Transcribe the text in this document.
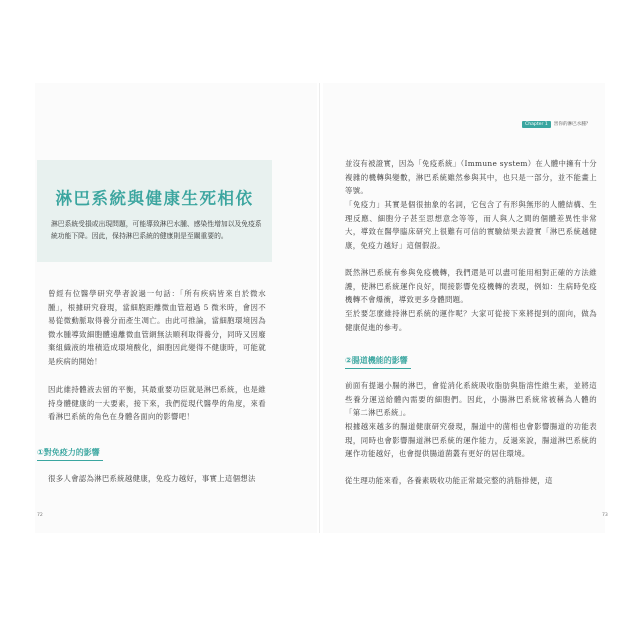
Chapter 1	害你的淋巴水腫？
淋巴系統與健康生死相依
淋巴系統受損或出現問題，可能導致淋巴水腫、感染性增加以及免疫系統功能下降。因此，保持淋巴系統的健康則是至關重要的。

曾經有位醫學研究學者說過一句話：「所有疾病皆來自於微水腫」，根據研究發現，當細胞距離微血管超過 5 微米時，會因不易從微動脈取得養分而產生凋亡。由此可推論，當細胞環境因為微水腫導致細胞體遠離微血管網無法順利取得養分，同時又因廢棄組織液的堆積造成環境酸化，細胞因此變得不健康時，可能就是疾病的開始！

因此維持體液去留的平衡，其最重要功臣就是淋巴系統，也是維持身體健康的一大要素，接下來，我們從現代醫學的角度，來看看淋巴系統的角色在身體各面向的影響吧！

①對免疫力的影響

很多人會認為淋巴系統越健康，免疫力越好，事實上這個想法

72

並沒有被證實，因為「免疫系統」（Immune system）在人體中擁有十分複雜的機轉與變數，淋巴系統雖然參與其中，也只是一部分，並不能畫上等號。

「免疫力」其實是個很抽象的名詞，它包含了有形與無形的人體結構、生理反應、細胞分子甚至思想意念等等，而人與人之間的個體差異性非常大，導致在醫學臨床研究上很難有可信的實驗結果去證實「淋巴系統越健康，免疫力越好」這個假設。

既然淋巴系統有參與免疫機轉，我們還是可以盡可能用相對正確的方法維護，使淋巴系統運作良好，間接影響免疫機轉的表現，例如：生病時免疫機轉不會爆衝，導致更多身體問題。

至於要怎麼維持淋巴系統的運作呢？大家可從接下來將提到的面向，做為健康促進的參考。

②腸道機能的影響

前面有提過小腸的淋巴，會從消化系統吸收脂肪與脂溶性維生素，並將這些養分運送給體內需要的細胞們。因此，小腸淋巴系統常被稱為人體的「第二淋巴系統」。

根據越來越多的腸道健康研究發現，腸道中的菌相也會影響腸道的功能表現，同時也會影響腸道淋巴系統的運作能力，反過來說，腸道淋巴系統的運作功能越好，也會提供腸道菌叢有更好的居住環境。

從生理功能來看，各養素吸收功能正常最完整的消脂排便，這

73
